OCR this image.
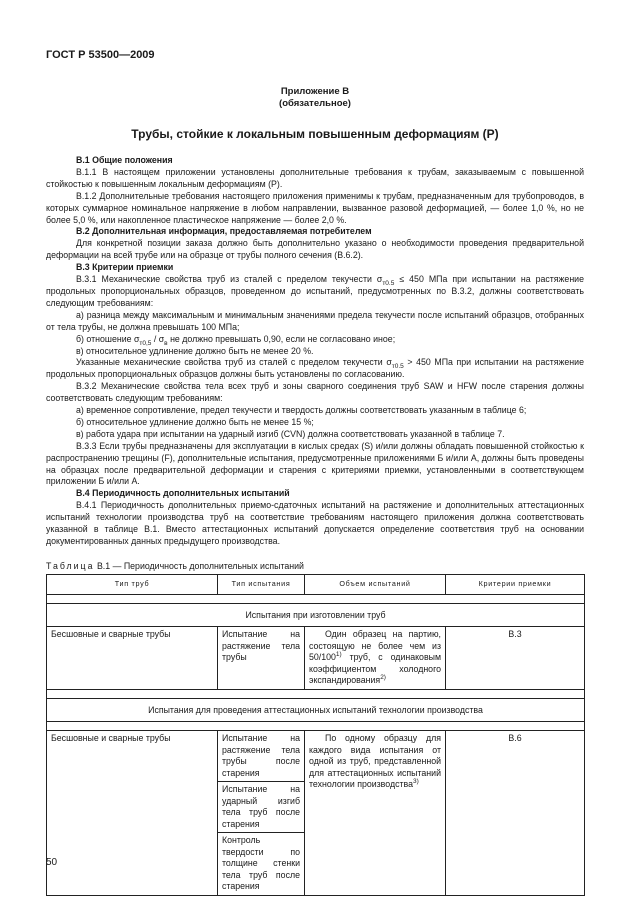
ГОСТ Р 53500—2009
Приложение В
(обязательное)
Трубы, стойкие к локальным повышенным деформациям (Р)

В.1 Общие положения

В.1.1 В настоящем приложении установлены дополнительные требования к трубам, заказываемым с повышенной стойкостью к повышенным локальным деформациям (Р).

В.1.2 Дополнительные требования настоящего приложения применимы к трубам, предназначенным для трубопроводов, в которых суммарное номинальное напряжение в любом направлении, вызванное разовой деформацией, — более 1,0 %, но не более 5,0 %, или накопленное пластическое напряжение — более 2,0 %.

В.2 Дополнительная информация, предоставляемая потребителем

Для конкретной позиции заказа должно быть дополнительно указано о необходимости проведения предварительной деформации на всей трубе или на образце от трубы полного сечения (В.6.2).

В.3 Критерии приемки

В.3.1 Механические свойства труб из сталей с пределом текучести $\sigma_{т0.5} \le 450$ МПа при испытании на растяжение продольных пропорциональных образцов, проведенном до испытаний, предусмотренных по В.3.2, должны соответствовать следующим требованиям:

а) разница между максимальным и минимальным значениями предела текучести после испытаний образцов, отобранных от тела трубы, не должна превышать 100 МПа;

б) отношение $\sigma_{т0,5} / \sigma_в$ не должно превышать 0,90, если не согласовано иное;

в) относительное удлинение должно быть не менее 20 %.

Указанные механические свойства труб из сталей с пределом текучести $\sigma_{т0.5} > 450$ МПа при испытании на растяжение продольных пропорциональных образцов должны быть установлены по согласованию.

В.3.2 Механические свойства тела всех труб и зоны сварного соединения труб SAW и HFW после старения должны соответствовать следующим требованиям:

а) временное сопротивление, предел текучести и твердость должны соответствовать указанным в таблице 6;

б) относительное удлинение должно быть не менее 15 %;

в) работа удара при испытании на ударный изгиб (CVN) должна соответствовать указанной в таблице 7.

В.3.3 Если трубы предназначены для эксплуатации в кислых средах (S) и/или должны обладать повышенной стойкостью к распространению трещины (F), дополнительные испытания, предусмотренные приложениями Б и/или А, должны быть проведены на образцах после предварительной деформации и старения с критериями приемки, установленными в соответствующем приложении Б и/или А.

В.4 Периодичность дополнительных испытаний

В.4.1 Периодичность дополнительных приемо-сдаточных испытаний на растяжение и дополнительных аттестационных испытаний технологии производства труб на соответствие требованиям настоящего приложения должна соответствовать указанной в таблице В.1. Вместо аттестационных испытаний допускается определение соответствия труб на основании документированных данных предыдущего производства.

Таблица В.1 — Периодичность дополнительных испытаний
Тип труб	Тип испытания	Объем испытаний	Критерии приемки

Испытания при изготовлении труб			
Бесшовные и сварные трубы	Испытание на растяжение тела трубы	Один образец на партию, состоящую не более чем из 50/100$^{1)}$ труб, с одинаковым коэффициентом холодного экспандирования$^{2)}$	В.3

Испытания для проведения аттестационных испытаний технологии производства			

Бесшовные и сварные трубы	Испытание на растяжение тела трубы после старения	По одному образцу для каждого вида испытания от одной из труб, представленной для аттестационных испытаний технологии производства$^{3)}$	В.6
	Испытание на ударный изгиб тела труб после старения		
	Контроль твердости по толщине стенки тела труб после старения		
50
